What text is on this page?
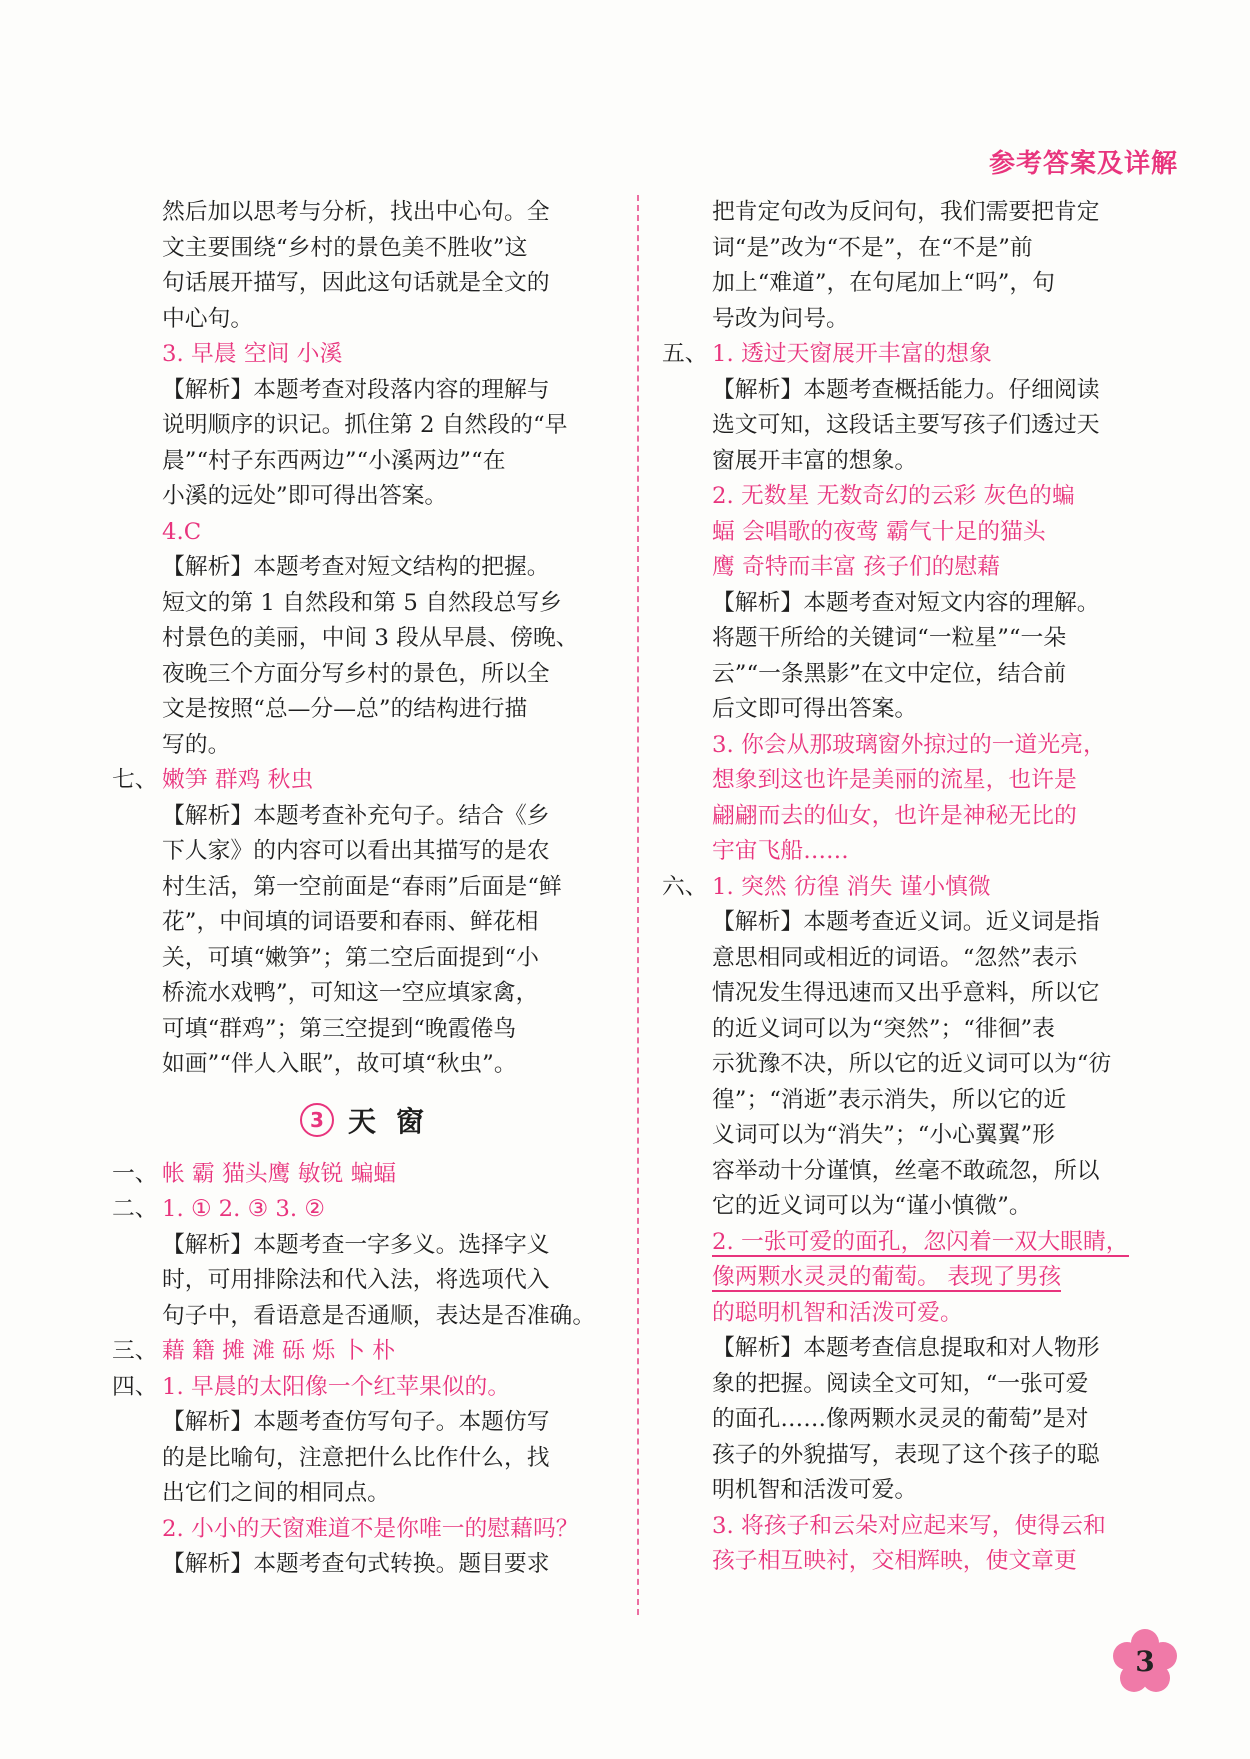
参考答案及详解
然后加以思考与分析，找出中心句。全
文主要围绕“乡村的景色美不胜收”这
句话展开描写，因此这句话就是全文的
中心句。
3. 早晨 空间 小溪
【解析】本题考查对段落内容的理解与
说明顺序的识记。抓住第 2 自然段的“早
晨”“村子东西两边”“小溪两边”“在
小溪的远处”即可得出答案。
4.C
【解析】本题考查对短文结构的把握。
短文的第 1 自然段和第 5 自然段总写乡
村景色的美丽，中间 3 段从早晨、傍晚、
夜晚三个方面分写乡村的景色，所以全
文是按照“总—分—总”的结构进行描
写的。
七、 嫩笋 群鸡 秋虫
【解析】本题考查补充句子。结合《乡
下人家》的内容可以看出其描写的是农
村生活，第一空前面是“春雨”后面是“鲜
花”，中间填的词语要和春雨、鲜花相
关，可填“嫩笋”；第二空后面提到“小
桥流水戏鸭”，可知这一空应填家禽，
可填“群鸡”；第三空提到“晚霞倦鸟
如画”“伴人入眠”，故可填“秋虫”。
3 天窗
一、 帐 霸 猫头鹰 敏锐 蝙蝠
二、 1. ① 2. ③ 3. ②
【解析】本题考查一字多义。选择字义
时，可用排除法和代入法，将选项代入
句子中，看语意是否通顺，表达是否准确。
三、 藉 籍 摊 滩 砾 烁 卜 朴
四、 1. 早晨的太阳像一个红苹果似的。
【解析】本题考查仿写句子。本题仿写
的是比喻句，注意把什么比作什么，找
出它们之间的相同点。
2. 小小的天窗难道不是你唯一的慰藉吗？
【解析】本题考查句式转换。题目要求
把肯定句改为反问句，我们需要把肯定
词“是”改为“不是”，在“不是”前
加上“难道”，在句尾加上“吗”，句
号改为问号。
五、 1. 透过天窗展开丰富的想象
【解析】本题考查概括能力。仔细阅读
选文可知，这段话主要写孩子们透过天
窗展开丰富的想象。
2. 无数星 无数奇幻的云彩 灰色的蝙
蝠 会唱歌的夜莺 霸气十足的猫头
鹰 奇特而丰富 孩子们的慰藉
【解析】本题考查对短文内容的理解。
将题干所给的关键词“一粒星”“一朵
云”“一条黑影”在文中定位，结合前
后文即可得出答案。
3. 你会从那玻璃窗外掠过的一道光亮，
想象到这也许是美丽的流星，也许是
翩翩而去的仙女，也许是神秘无比的
宇宙飞船……
六、 1. 突然 彷徨 消失 谨小慎微
【解析】本题考查近义词。近义词是指
意思相同或相近的词语。“忽然”表示
情况发生得迅速而又出乎意料，所以它
的近义词可以为“突然”；“徘徊”表
示犹豫不决，所以它的近义词可以为“彷
徨”；“消逝”表示消失，所以它的近
义词可以为“消失”；“小心翼翼”形
容举动十分谨慎，丝毫不敢疏忽，所以
它的近义词可以为“谨小慎微”。
2. 一张可爱的面孔，忽闪着一双大眼睛，
像两颗水灵灵的葡萄。 表现了男孩
的聪明机智和活泼可爱。
【解析】本题考查信息提取和对人物形
象的把握。阅读全文可知，“一张可爱
的面孔……像两颗水灵灵的葡萄”是对
孩子的外貌描写，表现了这个孩子的聪
明机智和活泼可爱。
3. 将孩子和云朵对应起来写，使得云和
孩子相互映衬，交相辉映，使文章更
3
